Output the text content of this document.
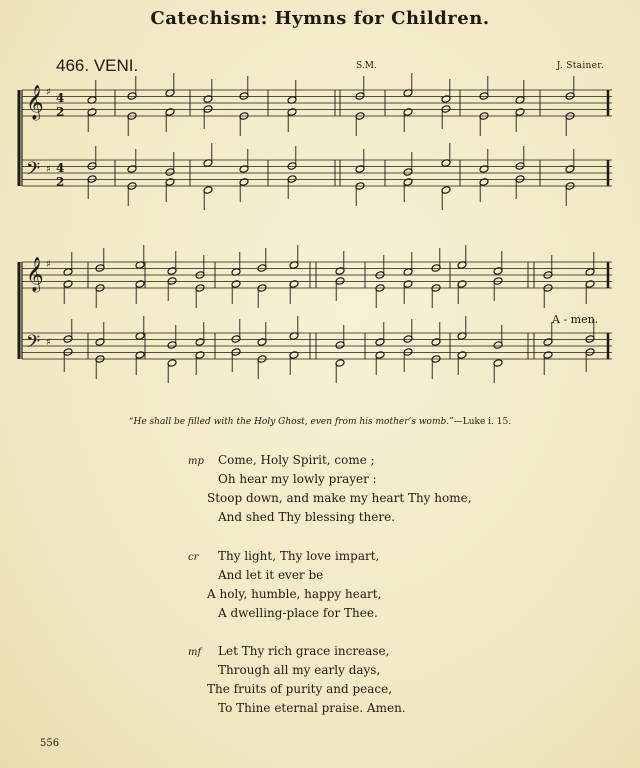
Catechism: Hymns for Children.
466. VENI.	S.M.	J. Stainer.
𝄞 ♯
𝄢 ♯
𝄞 ♯
𝄢 ♯
4
2
4
2
A - men.
“He shall be filled with the Holy Ghost, even from his mother’s womb.”—Luke i. 15.
mp Come, Holy Spirit, come ;
Oh hear my lowly prayer :
Stoop down, and make my heart Thy home,
And shed Thy blessing there.
cr Thy light, Thy love impart,
And let it ever be
A holy, humble, happy heart,
A dwelling-place for Thee.
mf Let Thy rich grace increase,
Through all my early days,
The fruits of purity and peace,
To Thine eternal praise. Amen.
556
